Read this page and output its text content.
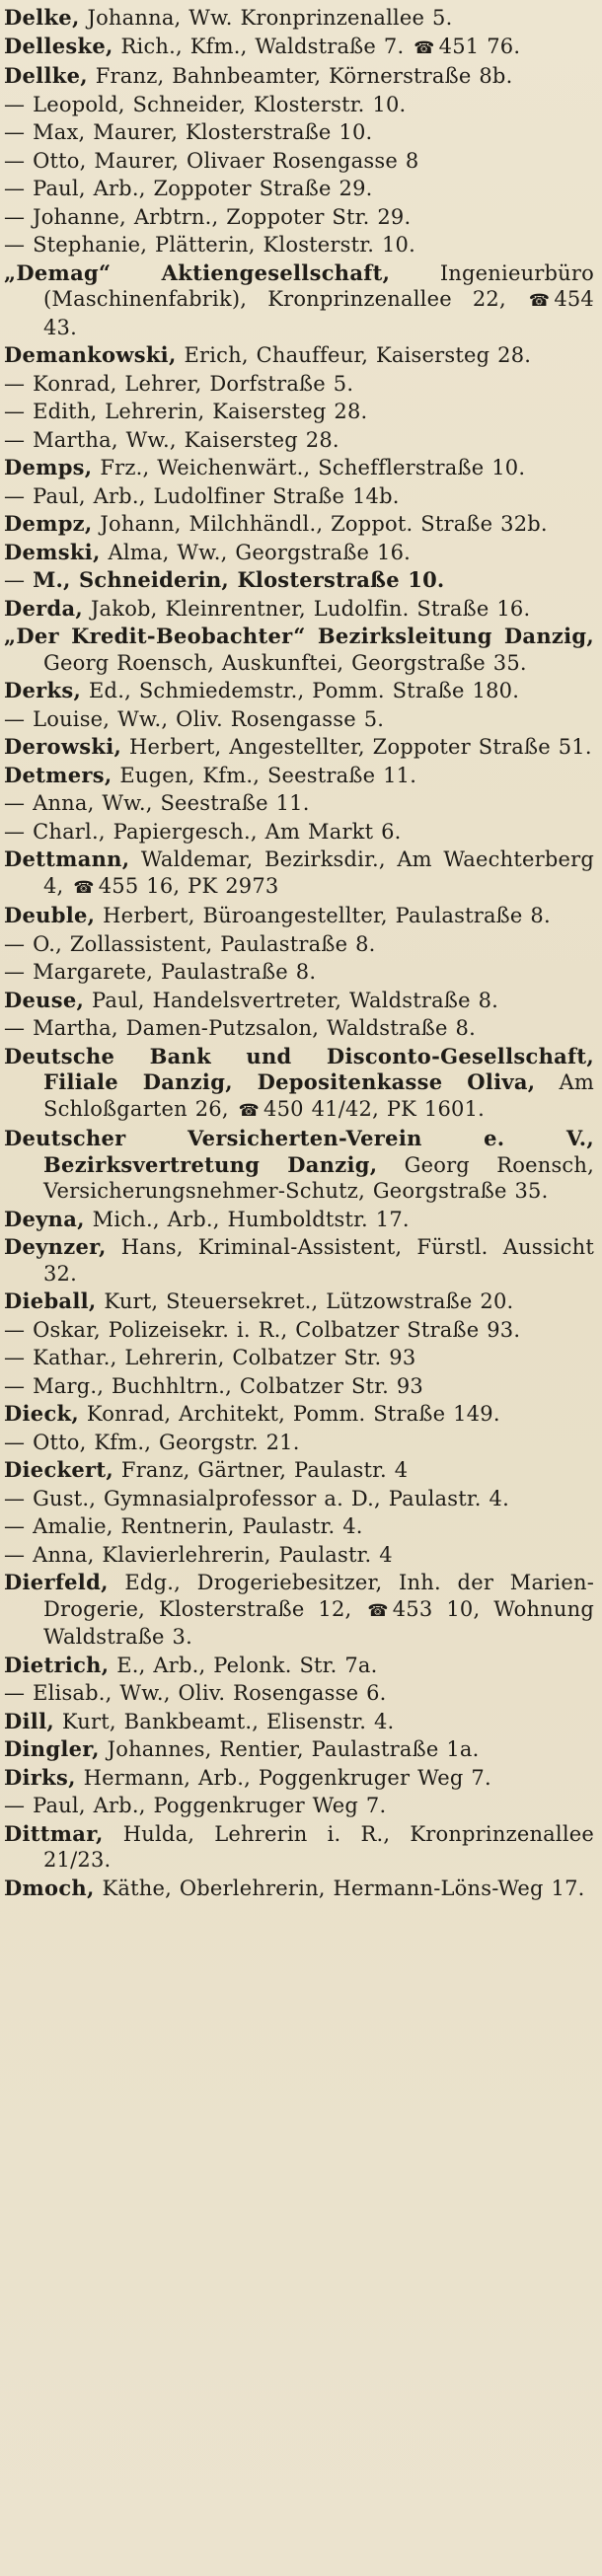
Delke, Johanna, Ww. Kronprinzenallee 5.

Delleske, Rich., Kfm., Waldstraße 7. ☎ 451 76.

Dellke, Franz, Bahnbeamter, Körnerstraße 8b.

— Leopold, Schneider, Klosterstr. 10.

— Max, Maurer, Klosterstraße 10.

— Otto, Maurer, Olivaer Rosengasse 8

— Paul, Arb., Zoppoter Straße 29.

— Johanne, Arbtrn., Zoppoter Str. 29.

— Stephanie, Plätterin, Klosterstr. 10.

„Demag“ Aktiengesellschaft, Ingenieurbüro (Maschinenfabrik), Kronprinzenallee 22, ☎ 454 43.

Demankowski, Erich, Chauffeur, Kaisersteg 28.

— Konrad, Lehrer, Dorfstraße 5.

— Edith, Lehrerin, Kaisersteg 28.

— Martha, Ww., Kaisersteg 28.

Demps, Frz., Weichenwärt., Schefflerstraße 10.

— Paul, Arb., Ludolfiner Straße 14b.

Dempz, Johann, Milchhändl., Zoppot. Straße 32b.

Demski, Alma, Ww., Georgstraße 16.

— M., Schneiderin, Klosterstraße 10.

Derda, Jakob, Kleinrentner, Ludolfin. Straße 16.

„Der Kredit-Beobachter“ Bezirksleitung Danzig, Georg Roensch, Auskunftei, Georgstraße 35.

Derks, Ed., Schmiedemstr., Pomm. Straße 180.

— Louise, Ww., Oliv. Rosengasse 5.

Derowski, Herbert, Angestellter, Zoppoter Straße 51.

Detmers, Eugen, Kfm., Seestraße 11.

— Anna, Ww., Seestraße 11.

— Charl., Papiergesch., Am Markt 6.

Dettmann, Waldemar, Bezirksdir., Am Waechterberg 4, ☎ 455 16, PK 2973

Deuble, Herbert, Büroangestellter, Paulastraße 8.

— O., Zollassistent, Paulastraße 8.

— Margarete, Paulastraße 8.

Deuse, Paul, Handelsvertreter, Waldstraße 8.

— Martha, Damen-Putzsalon, Waldstraße 8.

Deutsche Bank und Disconto-Gesellschaft, Filiale Danzig, Depositenkasse Oliva, Am Schloßgarten 26, ☎ 450 41/42, PK 1601.

Deutscher Versicherten-Verein e. V., Bezirksvertretung Danzig, Georg Roensch, Versicherungsnehmer-Schutz, Georgstraße 35.

Deyna, Mich., Arb., Humboldtstr. 17.

Deynzer, Hans, Kriminal-Assistent, Fürstl. Aussicht 32.

Dieball, Kurt, Steuersekret., Lützowstraße 20.

— Oskar, Polizeisekr. i. R., Colbatzer Straße 93.

— Kathar., Lehrerin, Colbatzer Str. 93

— Marg., Buchhltrn., Colbatzer Str. 93

Dieck, Konrad, Architekt, Pomm. Straße 149.

— Otto, Kfm., Georgstr. 21.

Dieckert, Franz, Gärtner, Paulastr. 4

— Gust., Gymnasialprofessor a. D., Paulastr. 4.

— Amalie, Rentnerin, Paulastr. 4.

— Anna, Klavierlehrerin, Paulastr. 4

Dierfeld, Edg., Drogeriebesitzer, Inh. der Marien-Drogerie, Klosterstraße 12, ☎ 453 10, Wohnung Waldstraße 3.

Dietrich, E., Arb., Pelonk. Str. 7a.

— Elisab., Ww., Oliv. Rosengasse 6.

Dill, Kurt, Bankbeamt., Elisenstr. 4.

Dingler, Johannes, Rentier, Paulastraße 1a.

Dirks, Hermann, Arb., Poggenkruger Weg 7.

— Paul, Arb., Poggenkruger Weg 7.

Dittmar, Hulda, Lehrerin i. R., Kronprinzenallee 21/23.

Dmoch, Käthe, Oberlehrerin, Hermann-Löns-Weg 17.
